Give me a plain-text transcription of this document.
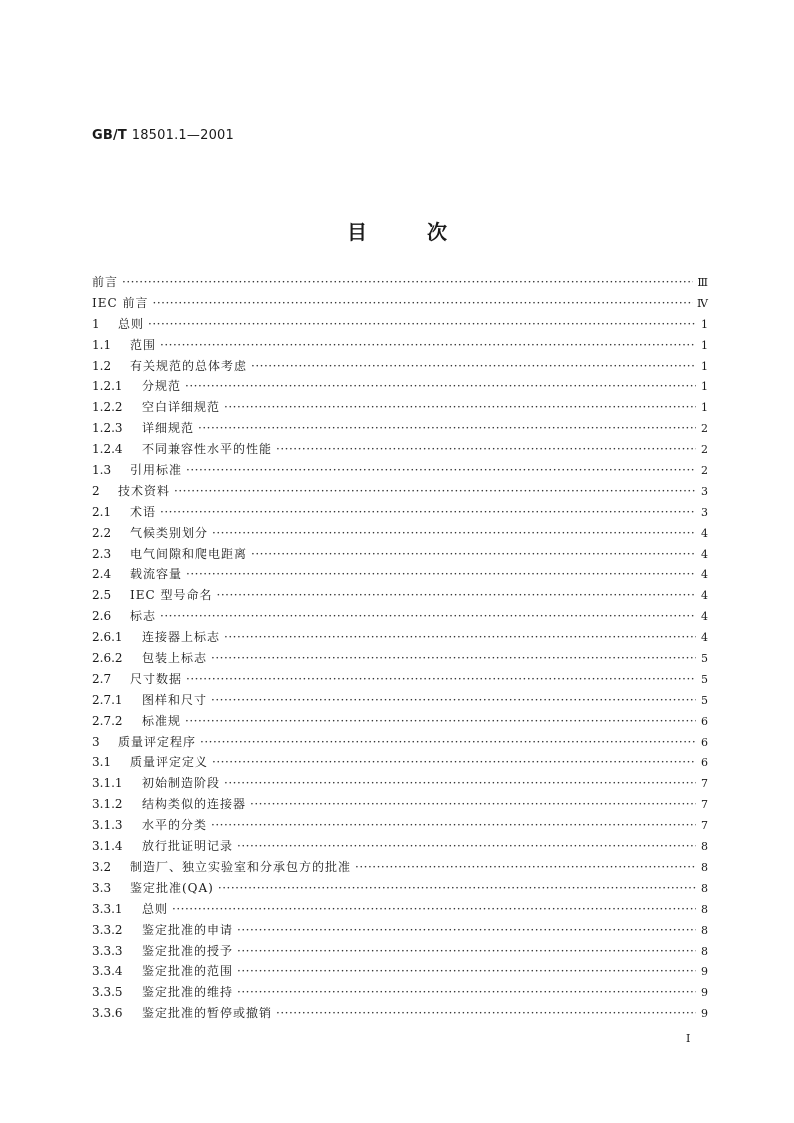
GB/T 18501.1—2001
目次
前言 ·····	Ⅲ
IEC 前言 ·····	Ⅳ
1	总则 ·····	1
1.1	范围 ·····	1
1.2	有关规范的总体考虑 ·····	1
1.2.1	分规范 ·····	1
1.2.2	空白详细规范 ·····	1
1.2.3	详细规范 ·····	2
1.2.4	不同兼容性水平的性能 ·····	2
1.3	引用标准 ·····	2
2	技术资料 ·····	3
2.1	术语 ·····	3
2.2	气候类别划分 ·····	4
2.3	电气间隙和爬电距离 ·····	4
2.4	载流容量 ·····	4
2.5	IEC 型号命名 ·····	4
2.6	标志 ·····	4
2.6.1	连接器上标志 ·····	4
2.6.2	包装上标志 ·····	5
2.7	尺寸数据 ·····	5
2.7.1	图样和尺寸 ·····	5
2.7.2	标准规 ·····	6
3	质量评定程序 ·····	6
3.1	质量评定定义 ·····	6
3.1.1	初始制造阶段 ·····	7
3.1.2	结构类似的连接器 ·····	7
3.1.3	水平的分类 ·····	7
3.1.4	放行批证明记录 ·····	8
3.2	制造厂、独立实验室和分承包方的批准 ·····	8
3.3	鉴定批准(QA) ·····	8
3.3.1	总则 ·····	8
3.3.2	鉴定批准的申请 ·····	8
3.3.3	鉴定批准的授予 ·····	8
3.3.4	鉴定批准的范围 ·····	9
3.3.5	鉴定批准的维持 ·····	9
3.3.6	鉴定批准的暂停或撤销 ·····	9
I
